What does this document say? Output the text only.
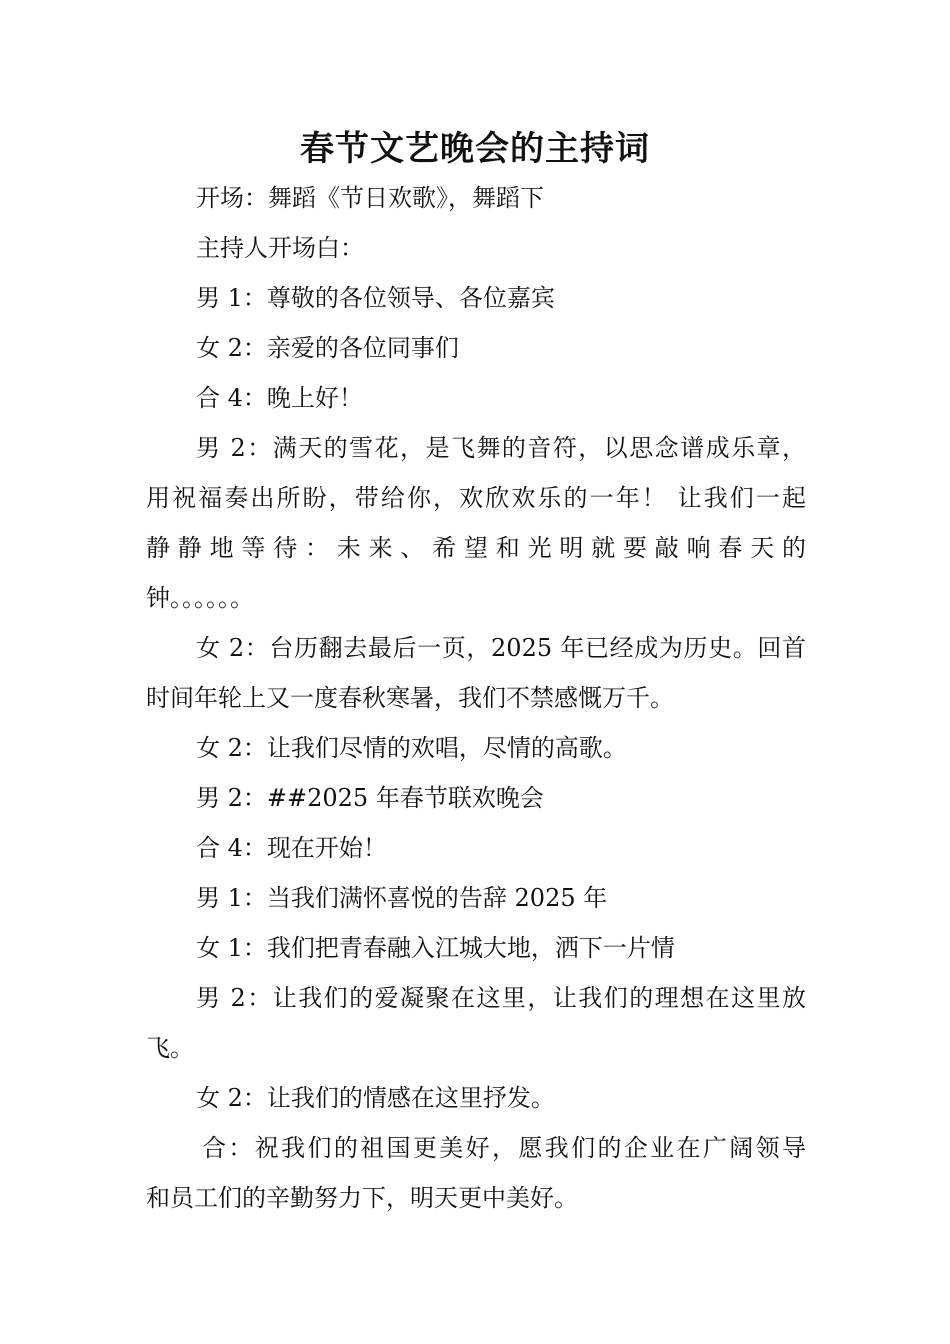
春节文艺晚会的主持词
开场：舞蹈《节日欢歌》，舞蹈下
主持人开场白：
男 1：尊敬的各位领导、各位嘉宾
女 2：亲爱的各位同事们
合 4：晚上好！
男 2：满天的雪花，是飞舞的音符，以思念谱成乐章，
用祝福奏出所盼，带给你，欢欣欢乐的一年！ 让我们一起
静静地等待：未来、希望和光明就要敲响春天的
钟。。。。。。
女 2：台历翻去最后一页，2025 年已经成为历史。回首
时间年轮上又一度春秋寒暑，我们不禁感慨万千。
女 2：让我们尽情的欢唱，尽情的高歌。
男 2：##2025 年春节联欢晚会
合 4：现在开始！
男 1：当我们满怀喜悦的告辞 2025 年
女 1：我们把青春融入江城大地，洒下一片情
男 2：让我们的爱凝聚在这里，让我们的理想在这里放
飞。
女 2：让我们的情感在这里抒发。
合：祝我们的祖国更美好，愿我们的企业在广阔领导
和员工们的辛勤努力下，明天更中美好。
